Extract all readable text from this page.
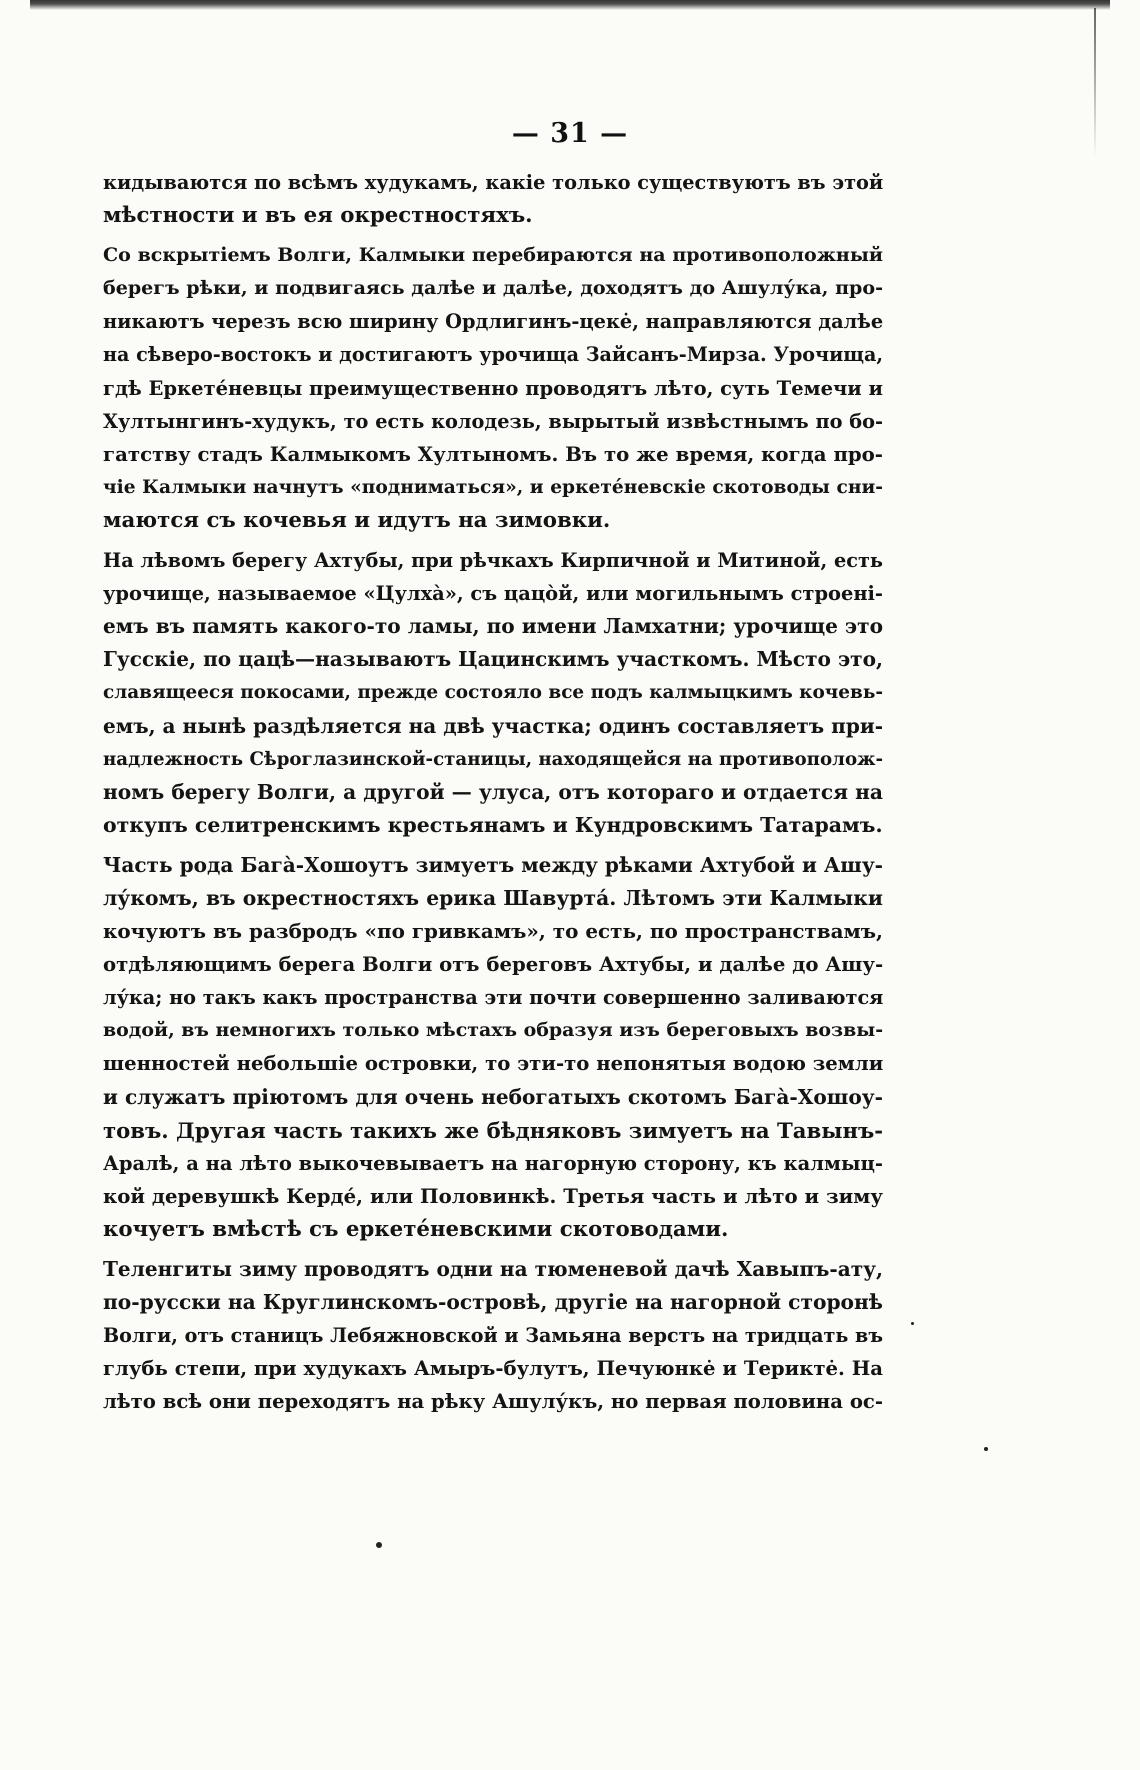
— 31 —
кидываются по всѣмъ худукамъ, какіе только существуютъ въ этой
мѣстности и въ ея окрестностяхъ.
Со вскрытіемъ Волги, Калмыки перебираются на противоположный
берегъ рѣки, и подвигаясь далѣе и далѣе, доходятъ до Ашулу́ка, про-
никаютъ черезъ всю ширину Ордлигинъ-цеке̇, направляются далѣе
на сѣверо-востокъ и достигаютъ урочища Зайсанъ-Мирза. Урочища,
гдѣ Еркете́невцы преимущественно проводятъ лѣто, суть Темечи и
Хултынгинъ-худукъ, то есть колодезь, вырытый извѣстнымъ по бо-
гатству стадъ Калмыкомъ Хултыномъ. Въ то же время, когда про-
чіе Калмыки начнутъ «подниматься», и еркете́невскіе скотоводы сни-
маются съ кочевья и идутъ на зимовки.
На лѣвомъ берегу Ахтубы, при рѣчкахъ Кирпичной и Митиной, есть
урочище, называемое «Цулха̀», съ цацо̀й, или могильнымъ строені-
емъ въ память какого-то ламы, по имени Ламхатни; урочище это
Гусскіе, по цацѣ—называютъ Цацинскимъ участкомъ. Мѣсто это,
славящееся покосами, прежде состояло все подъ калмыцкимъ кочевь-
емъ, а нынѣ раздѣляется на двѣ участка; одинъ составляетъ при-
надлежность Сѣроглазинской-станицы, находящейся на противополож-
номъ берегу Волги, а другой — улуса, отъ котораго и отдается на
откупъ селитренскимъ крестьянамъ и Кундровскимъ Татарамъ.
Часть рода Бага̀-Хошоутъ зимуетъ между рѣками Ахтубой и Ашу-
лу́комъ, въ окрестностяхъ ерика Шавурта́. Лѣтомъ эти Калмыки
кочуютъ въ разбродъ «по гривкамъ», то есть, по пространствамъ,
отдѣляющимъ берега Волги отъ береговъ Ахтубы, и далѣе до Ашу-
лу́ка; но такъ какъ пространства эти почти совершенно заливаются
водой, въ немногихъ только мѣстахъ образуя изъ береговыхъ возвы-
шенностей небольшіе островки, то эти-то непонятыя водою земли
и служатъ пріютомъ для очень небогатыхъ скотомъ Бага̀-Хошоу-
товъ. Другая часть такихъ же бѣдняковъ зимуетъ на Тавынъ-
Аралѣ, а на лѣто выкочевываетъ на нагорную сторону, къ калмыц-
кой деревушкѣ Керде́, или Половинкѣ. Третья часть и лѣто и зиму
кочуетъ вмѣстѣ съ еркете́невскими скотоводами.
Теленгиты зиму проводятъ одни на тюменевой дачѣ Хавыпъ-ату,
по-русски на Круглинскомъ-островѣ, другіе на нагорной сторонѣ
Волги, отъ станицъ Лебяжновской и Замьяна верстъ на тридцать въ
глубь степи, при худукахъ Амыръ-булутъ, Печуюнке̇ и Терикте̇. На
лѣто всѣ они переходятъ на рѣку Ашулу́къ, но первая половина ос-
